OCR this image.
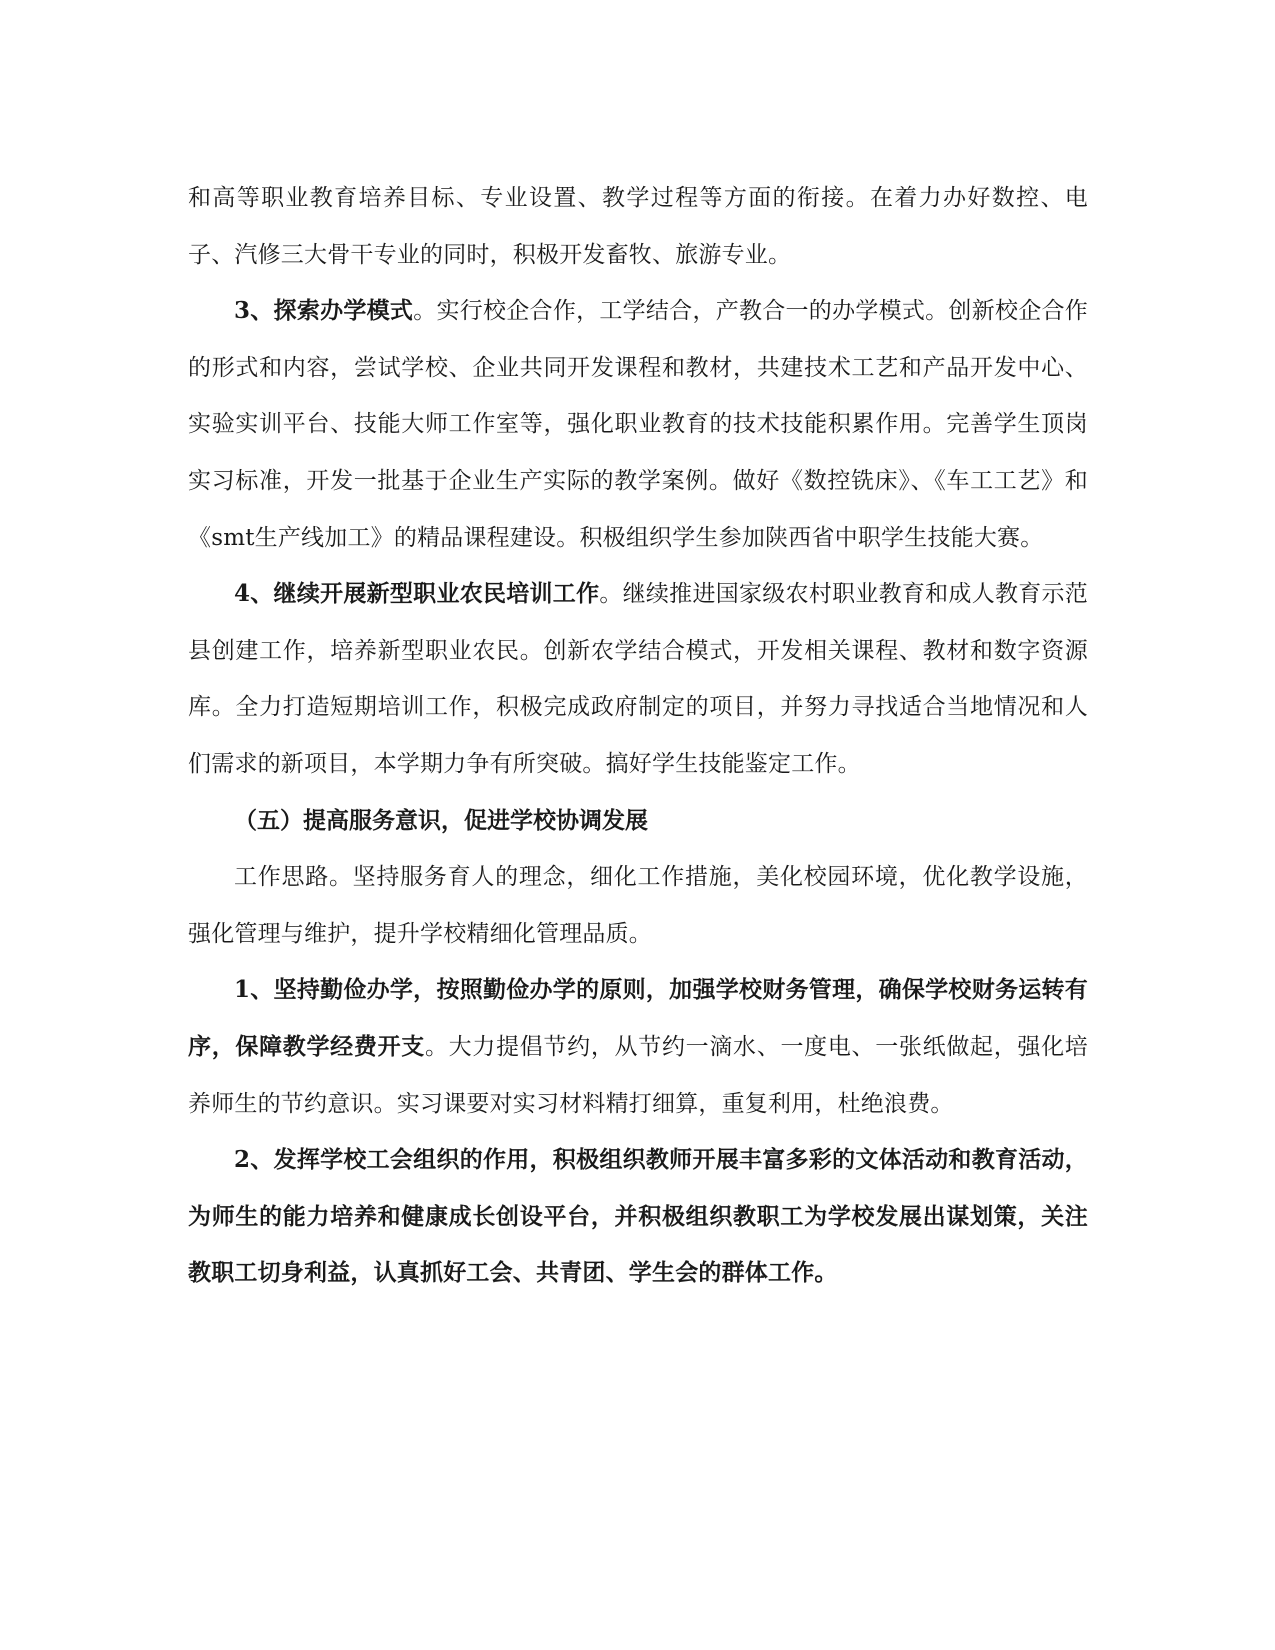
和高等职业教育培养目标、专业设置、教学过程等方面的衔接。在着力办好数控、电子、汽修三大骨干专业的同时，积极开发畜牧、旅游专业。

3、探索办学模式。实行校企合作，工学结合，产教合一的办学模式。创新校企合作的形式和内容，尝试学校、企业共同开发课程和教材，共建技术工艺和产品开发中心、实验实训平台、技能大师工作室等，强化职业教育的技术技能积累作用。完善学生顶岗实习标准，开发一批基于企业生产实际的教学案例。做好《数控铣床》、《车工工艺》和《smt生产线加工》的精品课程建设。积极组织学生参加陕西省中职学生技能大赛。

4、继续开展新型职业农民培训工作。继续推进国家级农村职业教育和成人教育示范县创建工作，培养新型职业农民。创新农学结合模式，开发相关课程、教材和数字资源库。全力打造短期培训工作，积极完成政府制定的项目，并努力寻找适合当地情况和人们需求的新项目，本学期力争有所突破。搞好学生技能鉴定工作。

（五）提高服务意识，促进学校协调发展

工作思路。坚持服务育人的理念，细化工作措施，美化校园环境，优化教学设施，强化管理与维护，提升学校精细化管理品质。

1、坚持勤俭办学，按照勤俭办学的原则，加强学校财务管理，确保学校财务运转有序，保障教学经费开支。大力提倡节约，从节约一滴水、一度电、一张纸做起，强化培养师生的节约意识。实习课要对实习材料精打细算，重复利用，杜绝浪费。

2、发挥学校工会组织的作用，积极组织教师开展丰富多彩的文体活动和教育活动，为师生的能力培养和健康成长创设平台，并积极组织教职工为学校发展出谋划策，关注教职工切身利益，认真抓好工会、共青团、学生会的群体工作。
